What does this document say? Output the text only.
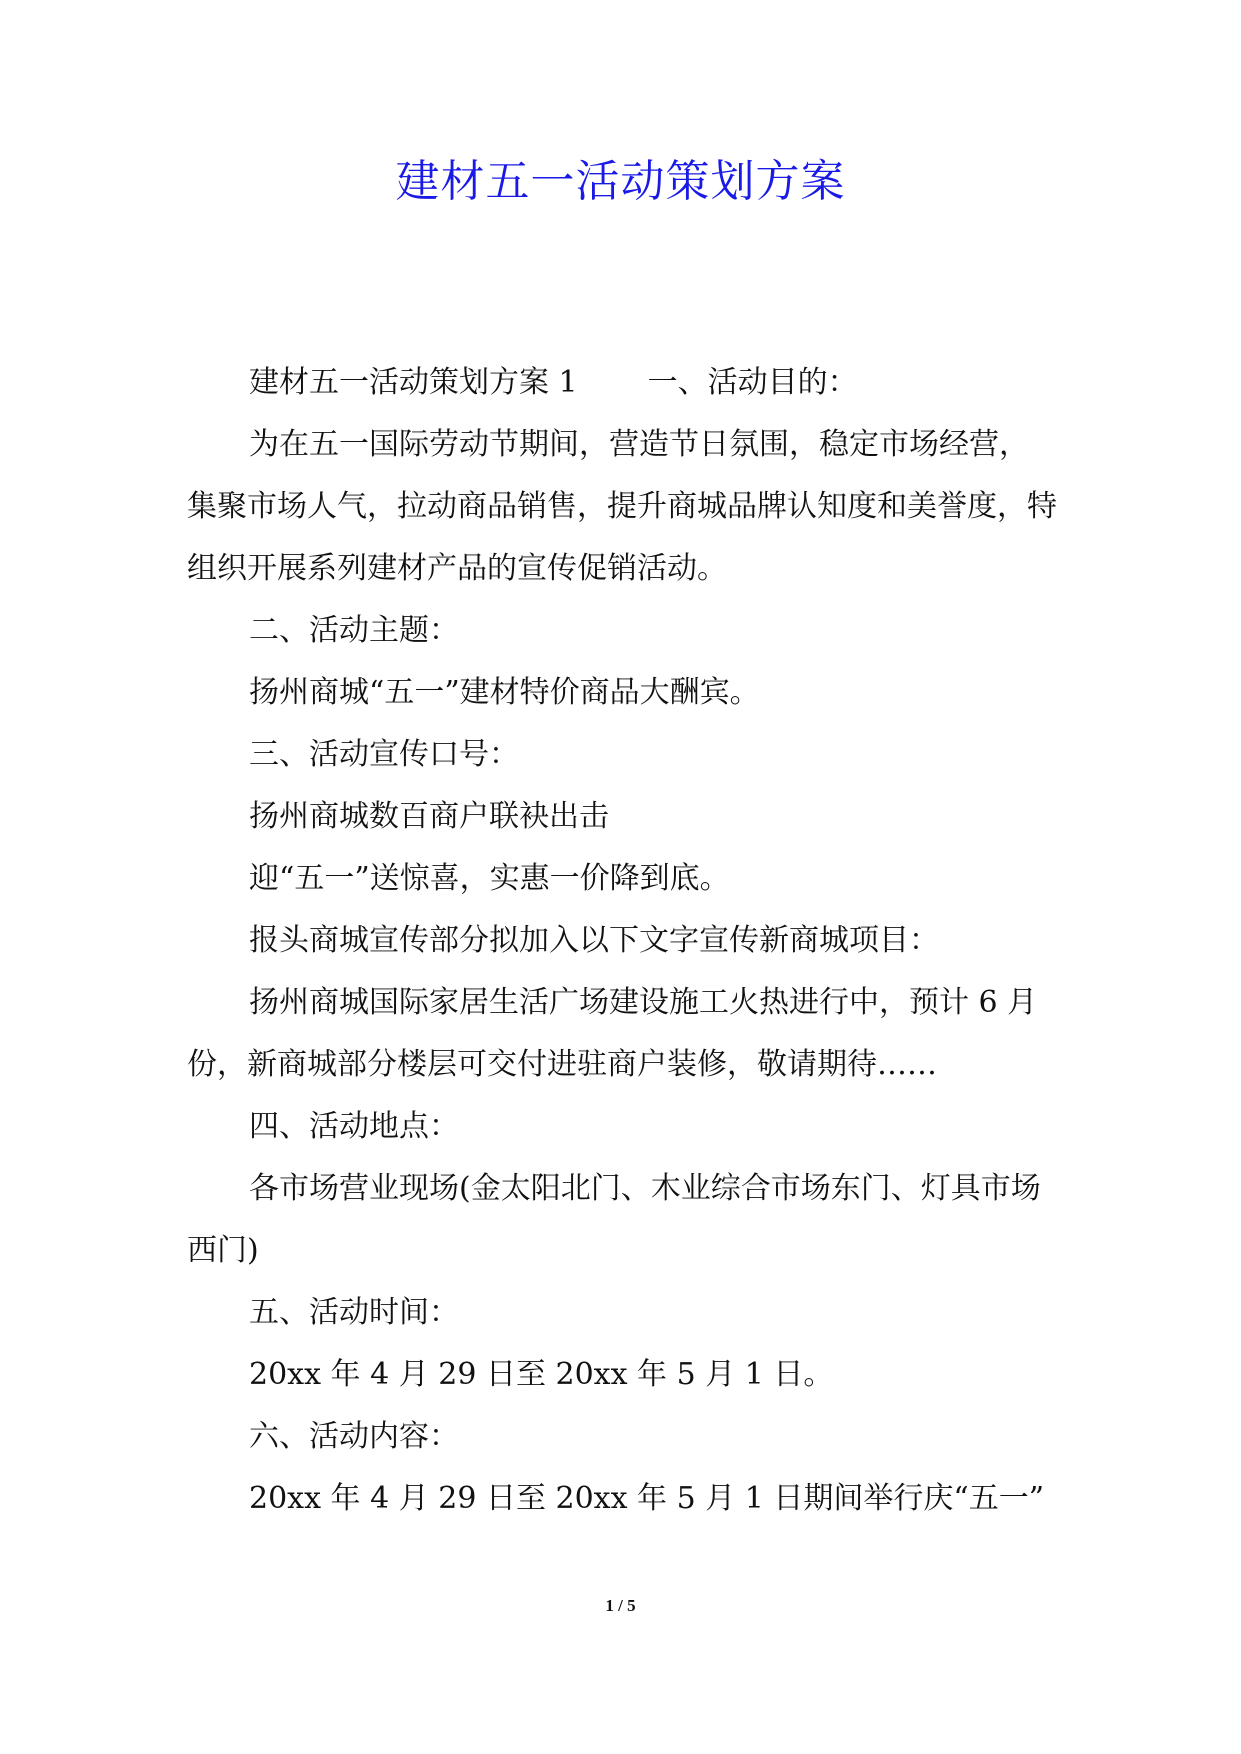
建材五一活动策划方案

建材五一活动策划方案 1 一、活动目的：

为在五一国际劳动节期间，营造节日氛围，稳定市场经营，集聚市场人气，拉动商品销售，提升商城品牌认知度和美誉度，特组织开展系列建材产品的宣传促销活动。

二、活动主题：

扬州商城“五一”建材特价商品大酬宾。

三、活动宣传口号：

扬州商城数百商户联袂出击

迎“五一”送惊喜，实惠一价降到底。

报头商城宣传部分拟加入以下文字宣传新商城项目：

扬州商城国际家居生活广场建设施工火热进行中，预计 6 月份，新商城部分楼层可交付进驻商户装修，敬请期待……

四、活动地点：

各市场营业现场(金太阳北门、木业综合市场东门、灯具市场西门)

五、活动时间：

20xx 年 4 月 29 日至 20xx 年 5 月 1 日。

六、活动内容：

20xx 年 4 月 29 日至 20xx 年 5 月 1 日期间举行庆“五一”

1 / 5
